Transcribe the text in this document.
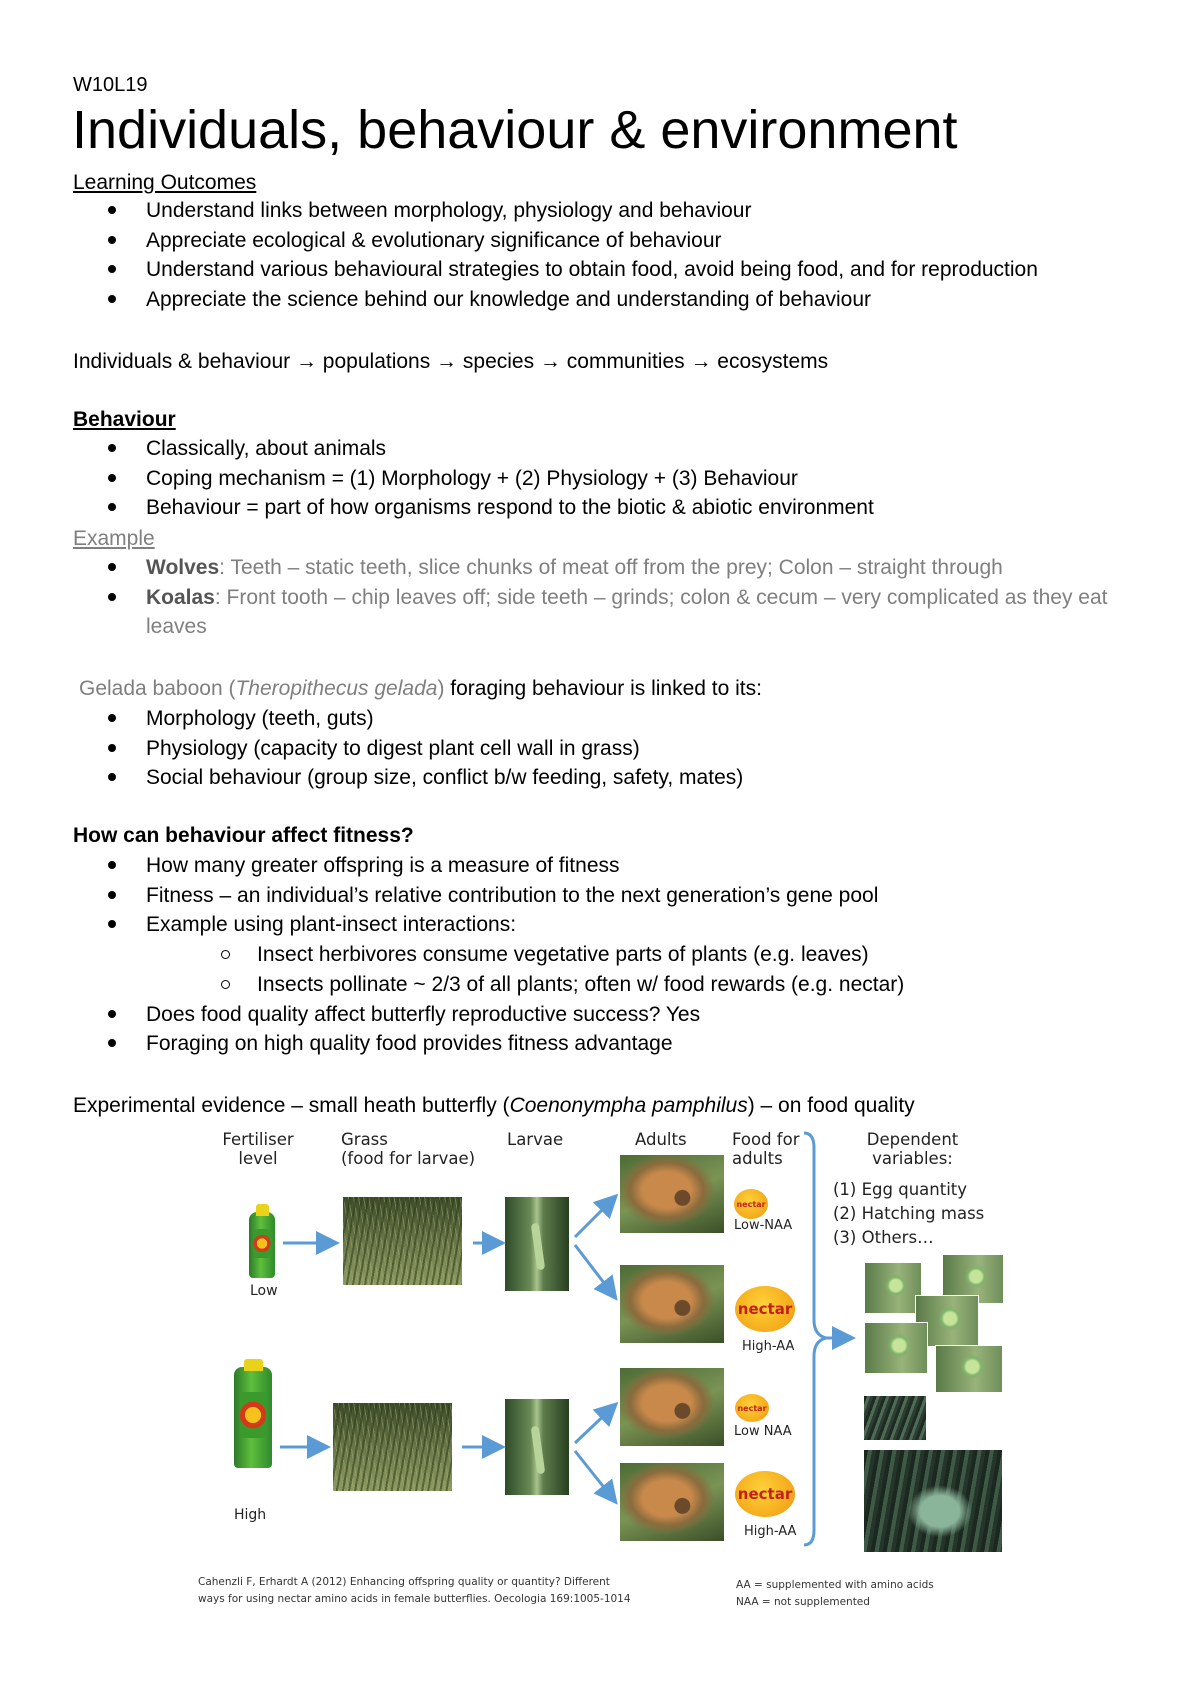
W10L19
Individuals, behaviour & environment
Learning Outcomes
Understand links between morphology, physiology and behaviour
Appreciate ecological & evolutionary significance of behaviour
Understand various behavioural strategies to obtain food, avoid being food, and for reproduction
Appreciate the science behind our knowledge and understanding of behaviour
Individuals & behaviour → populations → species → communities → ecosystems
Behaviour
Classically, about animals
Coping mechanism = (1) Morphology + (2) Physiology + (3) Behaviour
Behaviour = part of how organisms respond to the biotic & abiotic environment
Example
Wolves: Teeth – static teeth, slice chunks of meat off from the prey; Colon – straight through
Koalas: Front tooth – chip leaves off; side teeth – grinds; colon & cecum – very complicated as they eat leaves
Gelada baboon (Theropithecus gelada) foraging behaviour is linked to its:
Morphology (teeth, guts)
Physiology (capacity to digest plant cell wall in grass)
Social behaviour (group size, conflict b/w feeding, safety, mates)
How can behaviour affect fitness?
How many greater offspring is a measure of fitness
Fitness – an individual’s relative contribution to the next generation’s gene pool
Example using plant-insect interactions:
Insect herbivores consume vegetative parts of plants (e.g. leaves)
Insects pollinate ~ 2/3 of all plants; often w/ food rewards (e.g. nectar)
Does food quality affect butterfly reproductive success? Yes
Foraging on high quality food provides fitness advantage
Experimental evidence – small heath butterfly (Coenonympha pamphilus) – on food quality
Fertiliser
level
Grass
(food for larvae)
Larvae	Adults	Food for
adults
Dependent
variables:
(1) Egg quantity
(2) Hatching mass
(3) Others…
Low
High
nectar
Low-NAA
nectar
High-AA
nectar
Low NAA
nectar
High-AA
Cahenzli F, Erhardt A (2012) Enhancing offspring quality or quantity? Different
ways for using nectar amino acids in female butterflies. Oecologia 169:1005-1014
AA = supplemented with amino acids
NAA = not supplemented
